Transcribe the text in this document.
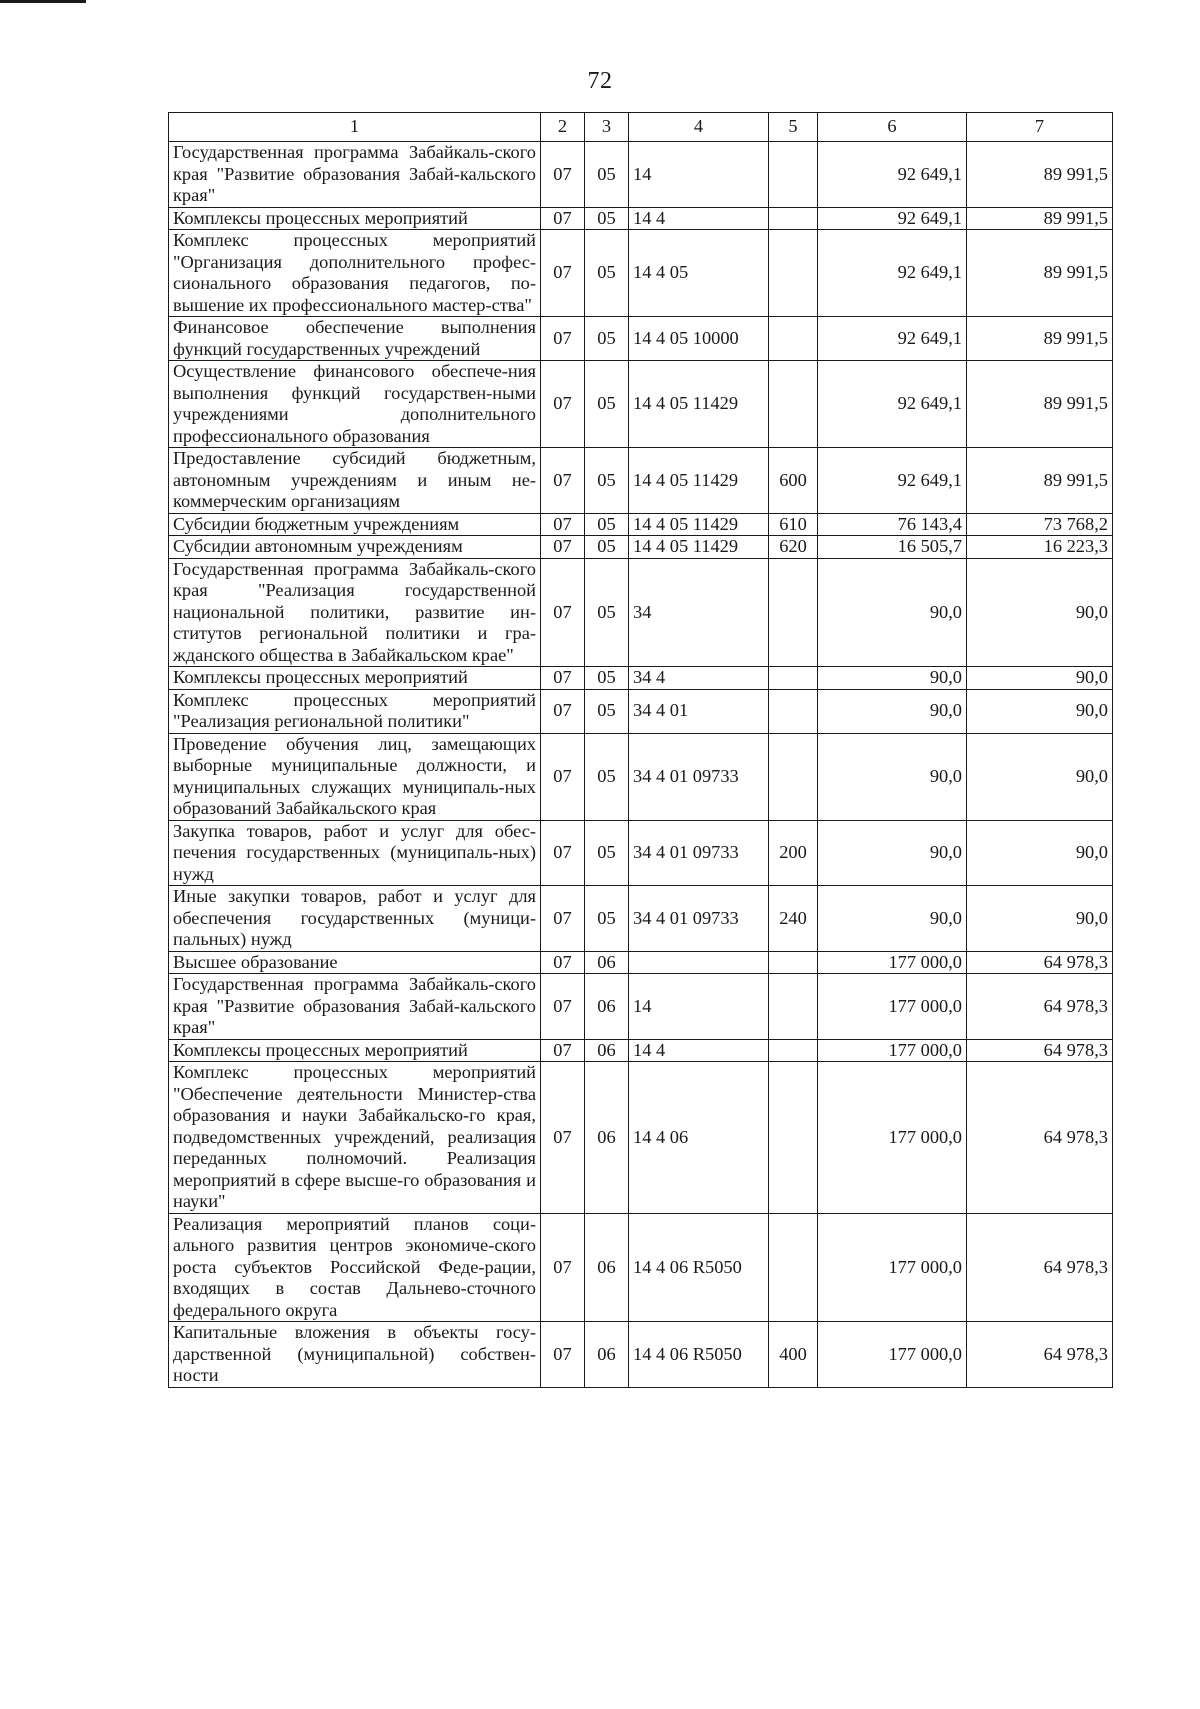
72
1	2	3	4	5	6	7
Государственная программа Забайкаль-ского края "Развитие образования Забай-кальского края"	07	05	14		92 649,1	89 991,5
Комплексы процессных мероприятий	07	05	14 4		92 649,1	89 991,5
Комплекс процессных мероприятий "Организация дополнительного профес-сионального образования педагогов, по-вышение их профессионального мастер-ства"	07	05	14 4 05		92 649,1	89 991,5
Финансовое обеспечение выполнения функций государственных учреждений	07	05	14 4 05 10000		92 649,1	89 991,5
Осуществление финансового обеспече-ния выполнения функций государствен-ными учреждениями дополнительного профессионального образования	07	05	14 4 05 11429		92 649,1	89 991,5
Предоставление субсидий бюджетным, автономным учреждениям и иным не-коммерческим организациям	07	05	14 4 05 11429	600	92 649,1	89 991,5
Субсидии бюджетным учреждениям	07	05	14 4 05 11429	610	76 143,4	73 768,2
Субсидии автономным учреждениям	07	05	14 4 05 11429	620	16 505,7	16 223,3
Государственная программа Забайкаль-ского края "Реализация государственной национальной политики, развитие ин-ститутов региональной политики и гра-жданского общества в Забайкальском крае"	07	05	34		90,0	90,0
Комплексы процессных мероприятий	07	05	34 4		90,0	90,0
Комплекс процессных мероприятий "Реализация региональной политики"	07	05	34 4 01		90,0	90,0
Проведение обучения лиц, замещающих выборные муниципальные должности, и муниципальных служащих муниципаль-ных образований Забайкальского края	07	05	34 4 01 09733		90,0	90,0
Закупка товаров, работ и услуг для обес-печения государственных (муниципаль-ных) нужд	07	05	34 4 01 09733	200	90,0	90,0
Иные закупки товаров, работ и услуг для обеспечения государственных (муници-пальных) нужд	07	05	34 4 01 09733	240	90,0	90,0
Высшее образование	07	06			177 000,0	64 978,3
Государственная программа Забайкаль-ского края "Развитие образования Забай-кальского края"	07	06	14		177 000,0	64 978,3
Комплексы процессных мероприятий	07	06	14 4		177 000,0	64 978,3
Комплекс процессных мероприятий "Обеспечение деятельности Министер-ства образования и науки Забайкальско-го края, подведомственных учреждений, реализация переданных полномочий. Реализация мероприятий в сфере высше-го образования и науки"	07	06	14 4 06		177 000,0	64 978,3
Реализация мероприятий планов соци-ального развития центров экономиче-ского роста субъектов Российской Феде-рации, входящих в состав Дальнево-сточного федерального округа	07	06	14 4 06 R5050		177 000,0	64 978,3
Капитальные вложения в объекты госу-дарственной (муниципальной) собствен-ности	07	06	14 4 06 R5050	400	177 000,0	64 978,3
